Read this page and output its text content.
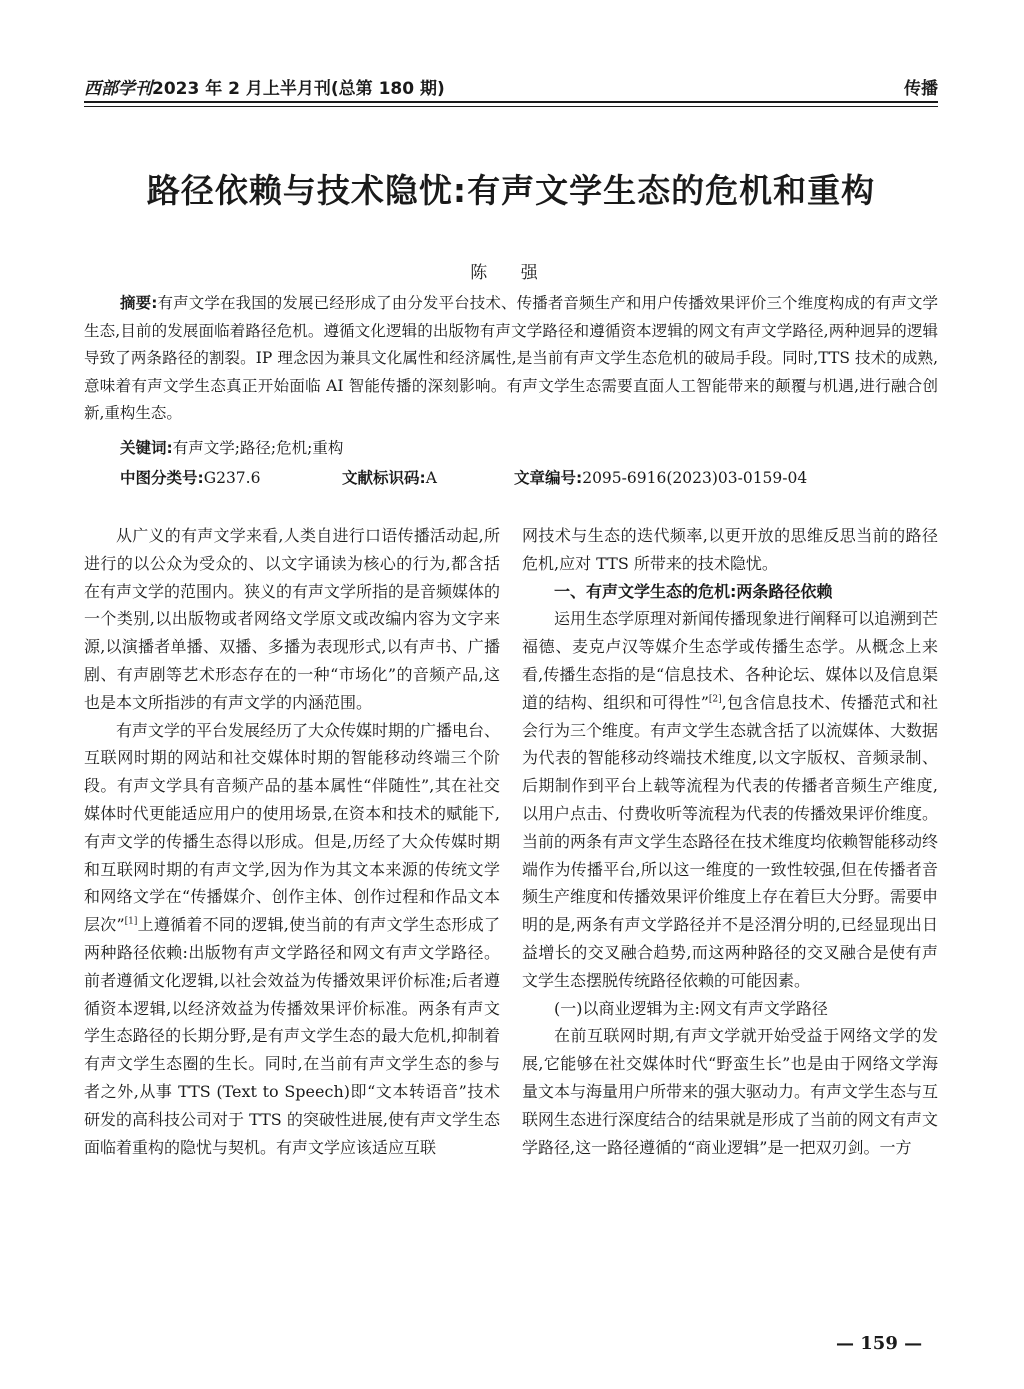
西部学刊2023 年 2 月上半月刊(总第 180 期)	传播
路径依赖与技术隐忧:有声文学生态的危机和重构
陈 强
摘要:有声文学在我国的发展已经形成了由分发平台技术、传播者音频生产和用户传播效果评价三个维度构成的有声文学生态,目前的发展面临着路径危机。遵循文化逻辑的出版物有声文学路径和遵循资本逻辑的网文有声文学路径,两种迥异的逻辑导致了两条路径的割裂。IP 理念因为兼具文化属性和经济属性,是当前有声文学生态危机的破局手段。同时,TTS 技术的成熟,意味着有声文学生态真正开始面临 AI 智能传播的深刻影响。有声文学生态需要直面人工智能带来的颠覆与机遇,进行融合创新,重构生态。
关键词:有声文学;路径;危机;重构
中图分类号:G237.6	文献标识码:A	文章编号:2095-6916(2023)03-0159-04

从广义的有声文学来看,人类自进行口语传播活动起,所进行的以公众为受众的、以文字诵读为核心的行为,都含括在有声文学的范围内。狭义的有声文学所指的是音频媒体的一个类别,以出版物或者网络文学原文或改编内容为文字来源,以演播者单播、双播、多播为表现形式,以有声书、广播剧、有声剧等艺术形态存在的一种“市场化”的音频产品,这也是本文所指涉的有声文学的内涵范围。

有声文学的平台发展经历了大众传媒时期的广播电台、互联网时期的网站和社交媒体时期的智能移动终端三个阶段。有声文学具有音频产品的基本属性“伴随性”,其在社交媒体时代更能适应用户的使用场景,在资本和技术的赋能下,有声文学的传播生态得以形成。但是,历经了大众传媒时期和互联网时期的有声文学,因为作为其文本来源的传统文学和网络文学在“传播媒介、创作主体、创作过程和作品文本层次”[1]上遵循着不同的逻辑,使当前的有声文学生态形成了两种路径依赖:出版物有声文学路径和网文有声文学路径。前者遵循文化逻辑,以社会效益为传播效果评价标准;后者遵循资本逻辑,以经济效益为传播效果评价标准。两条有声文学生态路径的长期分野,是有声文学生态的最大危机,抑制着有声文学生态圈的生长。同时,在当前有声文学生态的参与者之外,从事 TTS (Text to Speech)即“文本转语音”技术研发的高科技公司对于 TTS 的突破性进展,使有声文学生态面临着重构的隐忧与契机。有声文学应该适应互联

网技术与生态的迭代频率,以更开放的思维反思当前的路径危机,应对 TTS 所带来的技术隐忧。

一、有声文学生态的危机:两条路径依赖

运用生态学原理对新闻传播现象进行阐释可以追溯到芒福德、麦克卢汉等媒介生态学或传播生态学。从概念上来看,传播生态指的是“信息技术、各种论坛、媒体以及信息渠道的结构、组织和可得性”[2],包含信息技术、传播范式和社会行为三个维度。有声文学生态就含括了以流媒体、大数据为代表的智能移动终端技术维度,以文字版权、音频录制、后期制作到平台上载等流程为代表的传播者音频生产维度,以用户点击、付费收听等流程为代表的传播效果评价维度。当前的两条有声文学生态路径在技术维度均依赖智能移动终端作为传播平台,所以这一维度的一致性较强,但在传播者音频生产维度和传播效果评价维度上存在着巨大分野。需要申明的是,两条有声文学路径并不是泾渭分明的,已经显现出日益增长的交叉融合趋势,而这两种路径的交叉融合是使有声文学生态摆脱传统路径依赖的可能因素。

(一)以商业逻辑为主:网文有声文学路径

在前互联网时期,有声文学就开始受益于网络文学的发展,它能够在社交媒体时代“野蛮生长”也是由于网络文学海量文本与海量用户所带来的强大驱动力。有声文学生态与互联网生态进行深度结合的结果就是形成了当前的网文有声文学路径,这一路径遵循的“商业逻辑”是一把双刃剑。一方

— 159 —
